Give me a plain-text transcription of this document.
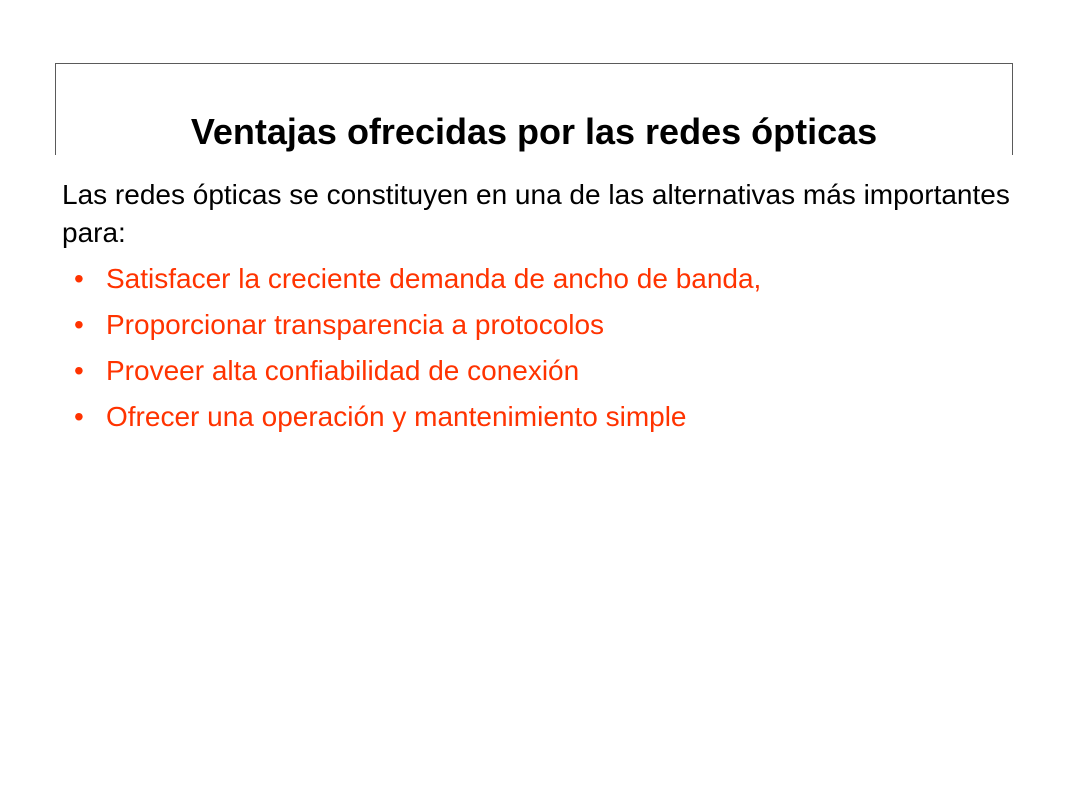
Ventajas ofrecidas por las redes ópticas

Las redes ópticas se constituyen en una de las alternativas más importantes para:

• Satisfacer la creciente demanda de ancho de banda,
• Proporcionar transparencia a protocolos
• Proveer alta confiabilidad de conexión
• Ofrecer una operación y mantenimiento simple
